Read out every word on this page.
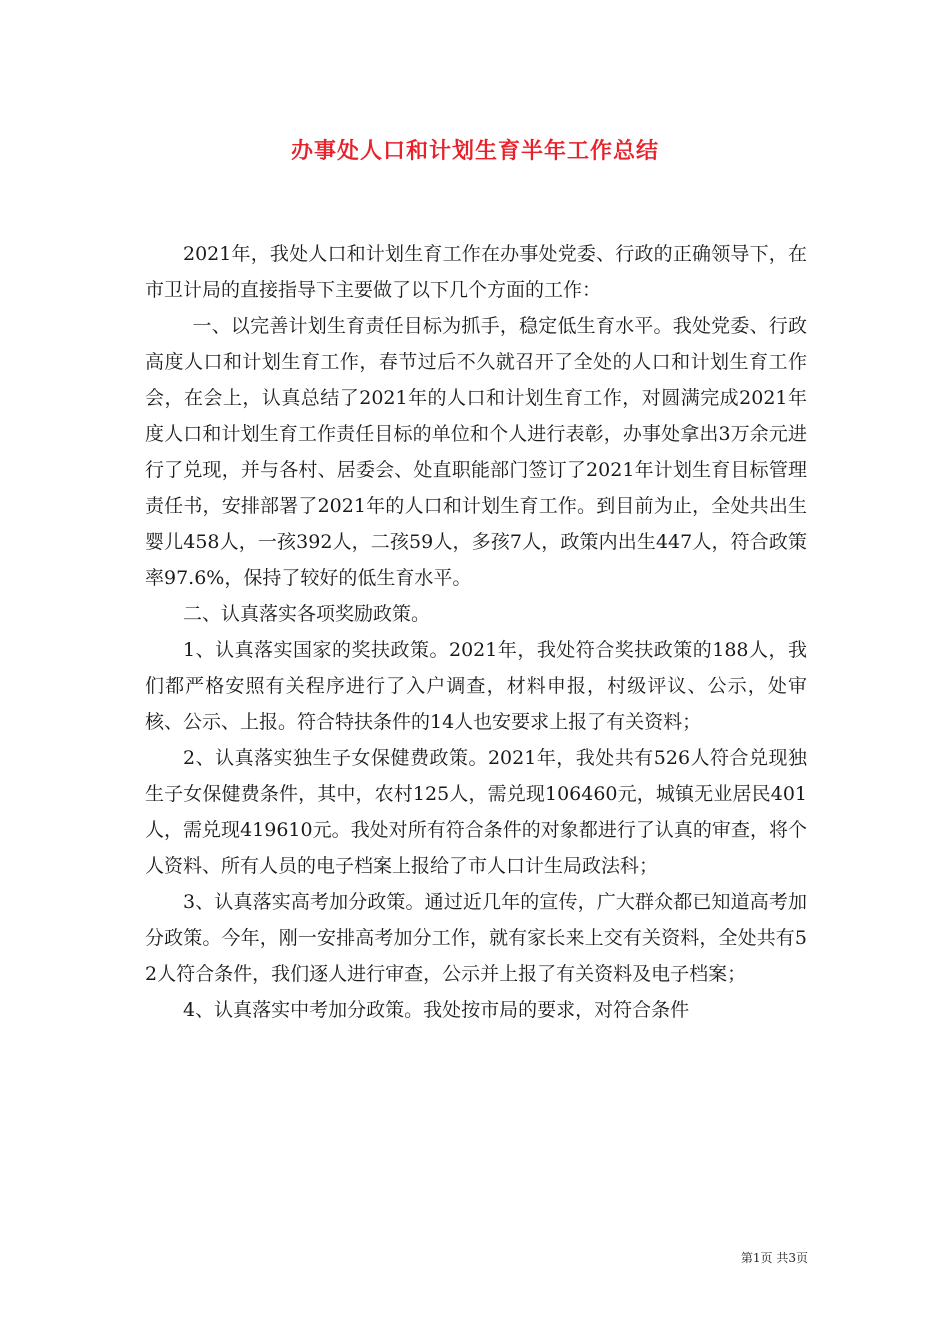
办事处人口和计划生育半年工作总结

2021年，我处人口和计划生育工作在办事处党委、行政的正确领导下，在市卫计局的直接指导下主要做了以下几个方面的工作：

一、以完善计划生育责任目标为抓手，稳定低生育水平。我处党委、行政高度人口和计划生育工作，春节过后不久就召开了全处的人口和计划生育工作会，在会上，认真总结了2021年的人口和计划生育工作，对圆满完成2021年度人口和计划生育工作责任目标的单位和个人进行表彰，办事处拿出3万余元进行了兑现，并与各村、居委会、处直职能部门签订了2021年计划生育目标管理责任书，安排部署了2021年的人口和计划生育工作。到目前为止，全处共出生婴儿458人，一孩392人，二孩59人，多孩7人，政策内出生447人，符合政策率97.6%，保持了较好的低生育水平。

二、认真落实各项奖励政策。

1、认真落实国家的奖扶政策。2021年，我处符合奖扶政策的188人，我们都严格安照有关程序进行了入户调查，材料申报，村级评议、公示，处审核、公示、上报。符合特扶条件的14人也安要求上报了有关资料；

2、认真落实独生子女保健费政策。2021年，我处共有526人符合兑现独生子女保健费条件，其中，农村125人，需兑现106460元，城镇无业居民401人，需兑现419610元。我处对所有符合条件的对象都进行了认真的审查，将个人资料、所有人员的电子档案上报给了市人口计生局政法科；

3、认真落实高考加分政策。通过近几年的宣传，广大群众都已知道高考加分政策。今年，刚一安排高考加分工作，就有家长来上交有关资料，全处共有52人符合条件，我们逐人进行审查，公示并上报了有关资料及电子档案；

4、认真落实中考加分政策。我处按市局的要求，对符合条件

第1页 共3页
